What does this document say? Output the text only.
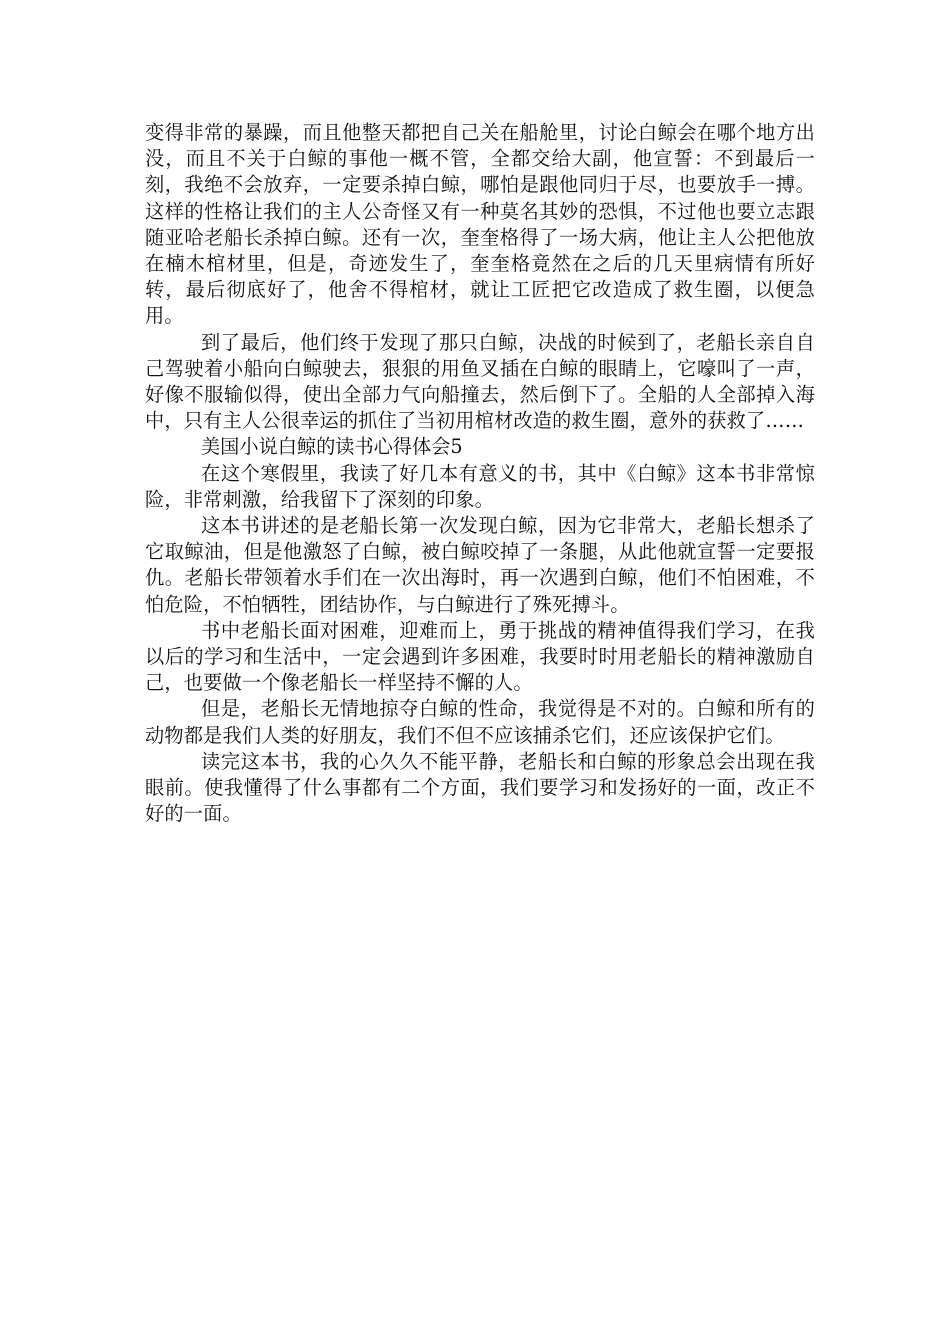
变得非常的暴躁，而且他整天都把自己关在船舱里，讨论白鲸会在哪个地方出没，而且不关于白鲸的事他一概不管，全都交给大副，他宣誓：不到最后一刻，我绝不会放弃，一定要杀掉白鲸，哪怕是跟他同归于尽，也要放手一搏。这样的性格让我们的主人公奇怪又有一种莫名其妙的恐惧，不过他也要立志跟随亚哈老船长杀掉白鲸。还有一次，奎奎格得了一场大病，他让主人公把他放在楠木棺材里，但是，奇迹发生了，奎奎格竟然在之后的几天里病情有所好转，最后彻底好了，他舍不得棺材，就让工匠把它改造成了救生圈，以便急用。

到了最后，他们终于发现了那只白鲸，决战的时候到了，老船长亲自自己驾驶着小船向白鲸驶去，狠狠的用鱼叉插在白鲸的眼睛上，它嚎叫了一声，好像不服输似得，使出全部力气向船撞去，然后倒下了。全船的人全部掉入海中，只有主人公很幸运的抓住了当初用棺材改造的救生圈，意外的获救了……

美国小说白鲸的读书心得体会5

在这个寒假里，我读了好几本有意义的书，其中《白鲸》这本书非常惊险，非常刺激，给我留下了深刻的印象。

这本书讲述的是老船长第一次发现白鲸，因为它非常大，老船长想杀了它取鲸油，但是他激怒了白鲸，被白鲸咬掉了一条腿，从此他就宣誓一定要报仇。老船长带领着水手们在一次出海时，再一次遇到白鲸，他们不怕困难，不怕危险，不怕牺牲，团结协作，与白鲸进行了殊死搏斗。

书中老船长面对困难，迎难而上，勇于挑战的精神值得我们学习，在我以后的学习和生活中，一定会遇到许多困难，我要时时用老船长的精神激励自己，也要做一个像老船长一样坚持不懈的人。

但是，老船长无情地掠夺白鲸的性命，我觉得是不对的。白鲸和所有的动物都是我们人类的好朋友，我们不但不应该捕杀它们，还应该保护它们。

读完这本书，我的心久久不能平静，老船长和白鲸的形象总会出现在我眼前。使我懂得了什么事都有二个方面，我们要学习和发扬好的一面，改正不好的一面。
